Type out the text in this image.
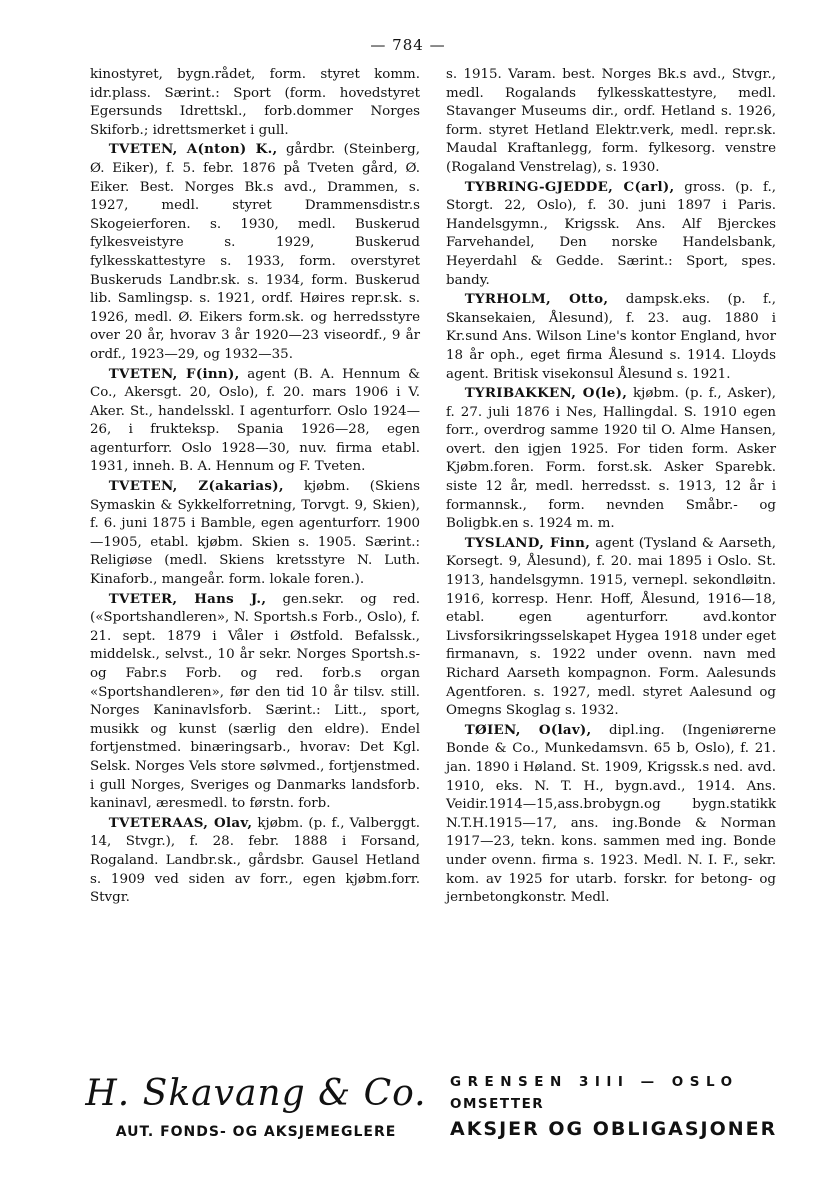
— 784 —

kinostyret, bygn.rådet, form. styret komm. idr.plass. Særint.: Sport (form. hovedstyret Egersunds Idrettskl., forb.dommer Norges Skiforb.; idrettsmerket i gull.

TVETEN, A(nton) K., gårdbr. (Steinberg, Ø. Eiker), f. 5. febr. 1876 på Tveten gård, Ø. Eiker. Best. Norges Bk.s avd., Drammen, s. 1927, medl. styret Drammensdistr.s Skogeierforen. s. 1930, medl. Buskerud fylkesveistyre s. 1929, Buskerud fylkesskattestyre s. 1933, form. overstyret Buskeruds Landbr.sk. s. 1934, form. Buskerud lib. Samlingsp. s. 1921, ordf. Høires repr.sk. s. 1926, medl. Ø. Eikers form.sk. og herredsstyre over 20 år, hvorav 3 år 1920—23 viseordf., 9 år ordf., 1923—29, og 1932—35.

TVETEN, F(inn), agent (B. A. Hennum & Co., Akersgt. 20, Oslo), f. 20. mars 1906 i V. Aker. St., handelsskl. I agenturforr. Oslo 1924—26, i frukteksp. Spania 1926—28, egen agenturforr. Oslo 1928—30, nuv. firma etabl. 1931, inneh. B. A. Hennum og F. Tveten.

TVETEN, Z(akarias), kjøbm. (Skiens Symaskin & Sykkelforretning, Torvgt. 9, Skien), f. 6. juni 1875 i Bamble, egen agenturforr. 1900—1905, etabl. kjøbm. Skien s. 1905. Særint.: Religiøse (medl. Skiens kretsstyre N. Luth. Kinaforb., mangeår. form. lokale foren.).

TVETER, Hans J., gen.sekr. og red. («Sportshandleren», N. Sportsh.s Forb., Oslo), f. 21. sept. 1879 i Våler i Østfold. Befalssk., middelsk., selvst., 10 år sekr. Norges Sportsh.s- og Fabr.s Forb. og red. forb.s organ «Sportshandleren», før den tid 10 år tilsv. still. Norges Kaninavlsforb. Særint.: Litt., sport, musikk og kunst (særlig den eldre). Endel fortjenstmed. binæringsarb., hvorav: Det Kgl. Selsk. Norges Vels store sølvmed., fortjenstmed. i gull Norges, Sveriges og Danmarks landsforb. kaninavl, æresmedl. to førstn. forb.

TVETERAAS, Olav, kjøbm. (p. f., Valberggt. 14, Stvgr.), f. 28. febr. 1888 i Forsand, Rogaland. Landbr.sk., gårdsbr. Gausel Hetland s. 1909 ved siden av forr., egen kjøbm.forr. Stvgr.

s. 1915. Varam. best. Norges Bk.s avd., Stvgr., medl. Rogalands fylkesskattestyre, medl. Stavanger Museums dir., ordf. Hetland s. 1926, form. styret Hetland Elektr.verk, medl. repr.sk. Maudal Kraftanlegg, form. fylkesorg. venstre (Rogaland Venstrelag), s. 1930.

TYBRING-GJEDDE, C(arl), gross. (p. f., Storgt. 22, Oslo), f. 30. juni 1897 i Paris. Handelsgymn., Krigssk. Ans. Alf Bjerckes Farvehandel, Den norske Handelsbank, Heyerdahl & Gedde. Særint.: Sport, spes. bandy.

TYRHOLM, Otto, dampsk.eks. (p. f., Skansekaien, Ålesund), f. 23. aug. 1880 i Kr.sund Ans. Wilson Line's kontor England, hvor 18 år oph., eget firma Ålesund s. 1914. Lloyds agent. Britisk visekonsul Ålesund s. 1921.

TYRIBAKKEN, O(le), kjøbm. (p. f., Asker), f. 27. juli 1876 i Nes, Hallingdal. S. 1910 egen forr., overdrog samme 1920 til O. Alme Hansen, overt. den igjen 1925. For tiden form. Asker Kjøbm.foren. Form. forst.sk. Asker Sparebk. siste 12 år, medl. herredsst. s. 1913, 12 år i formannsk., form. nevnden Småbr.- og Boligbk.en s. 1924 m. m.

TYSLAND, Finn, agent (Tysland & Aarseth, Korsegt. 9, Ålesund), f. 20. mai 1895 i Oslo. St. 1913, handelsgymn. 1915, vernepl. sekondløitn. 1916, korresp. Henr. Hoff, Ålesund, 1916—18, etabl. egen agenturforr. avd.kontor Livsforsikringsselskapet Hygea 1918 under eget firmanavn, s. 1922 under ovenn. navn med Richard Aarseth kompagnon. Form. Aalesunds Agentforen. s. 1927, medl. styret Aalesund og Omegns Skoglag s. 1932.

TØIEN, O(lav), dipl.ing. (Ingeniørerne Bonde & Co., Munkedamsvn. 65 b, Oslo), f. 21. jan. 1890 i Høland. St. 1909, Krigssk.s ned. avd. 1910, eks. N. T. H., bygn.avd., 1914. Ans. Veidir.1914—15,ass.brobygn.og bygn.statikk N.T.H.1915—17, ans. ing.Bonde & Norman 1917—23, tekn. kons. sammen med ing. Bonde under ovenn. firma s. 1923. Medl. N. I. F., sekr. kom. av 1925 for utarb. forskr. for betong- og jernbetongkonstr. Medl.

H. Skavang & Co.
AUT. FONDS- OG AKSJEMEGLERE
GRENSEN 3III — OSLO
OMSETTER
AKSJER OG OBLIGASJONER
